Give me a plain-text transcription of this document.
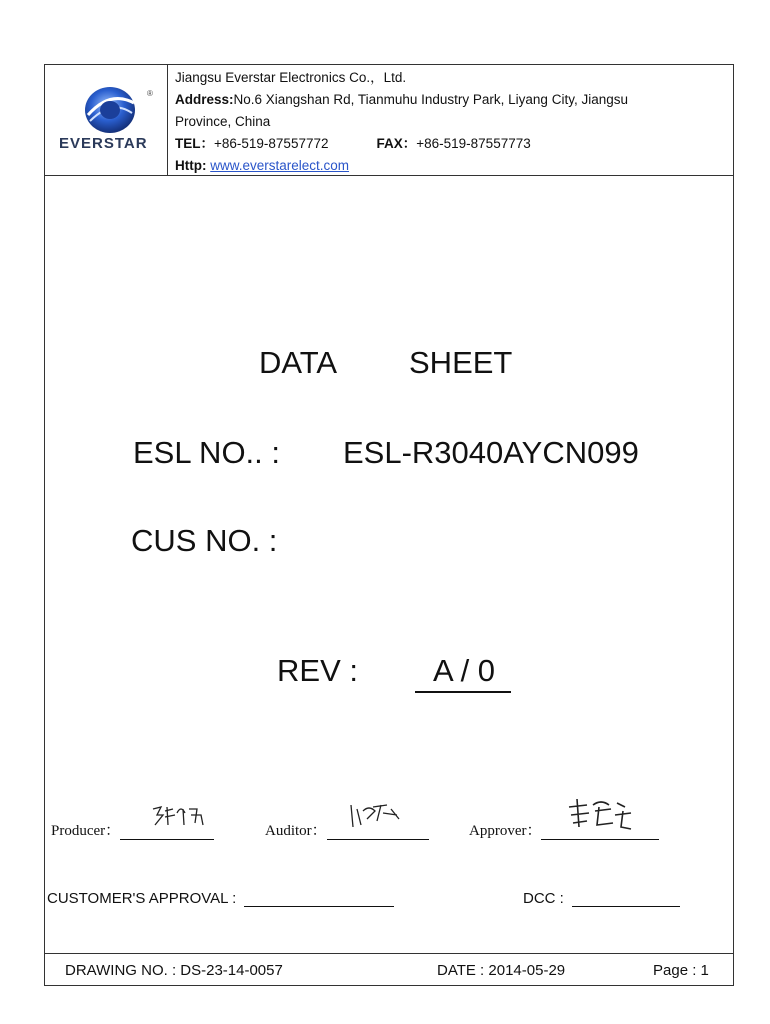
®
EVERSTAR
Jiangsu Everstar Electronics Co.，Ltd.
Address:No.6 Xiangshan Rd, Tianmuhu Industry Park, Liyang City, Jiangsu
Province, China
TEL：+86-519-87557772	FAX：+86-519-87557773
Http: www.everstarelect.com
DATA SHEET
ESL NO.. : ESL-R3040AYCN099
CUS NO. :
REV :	A / 0
Producer：	Auditor：	Approver：
CUSTOMER'S APPROVAL :	DCC :
DRAWING NO. : DS-23-14-0057	DATE : 2014-05-29	Page : 1
